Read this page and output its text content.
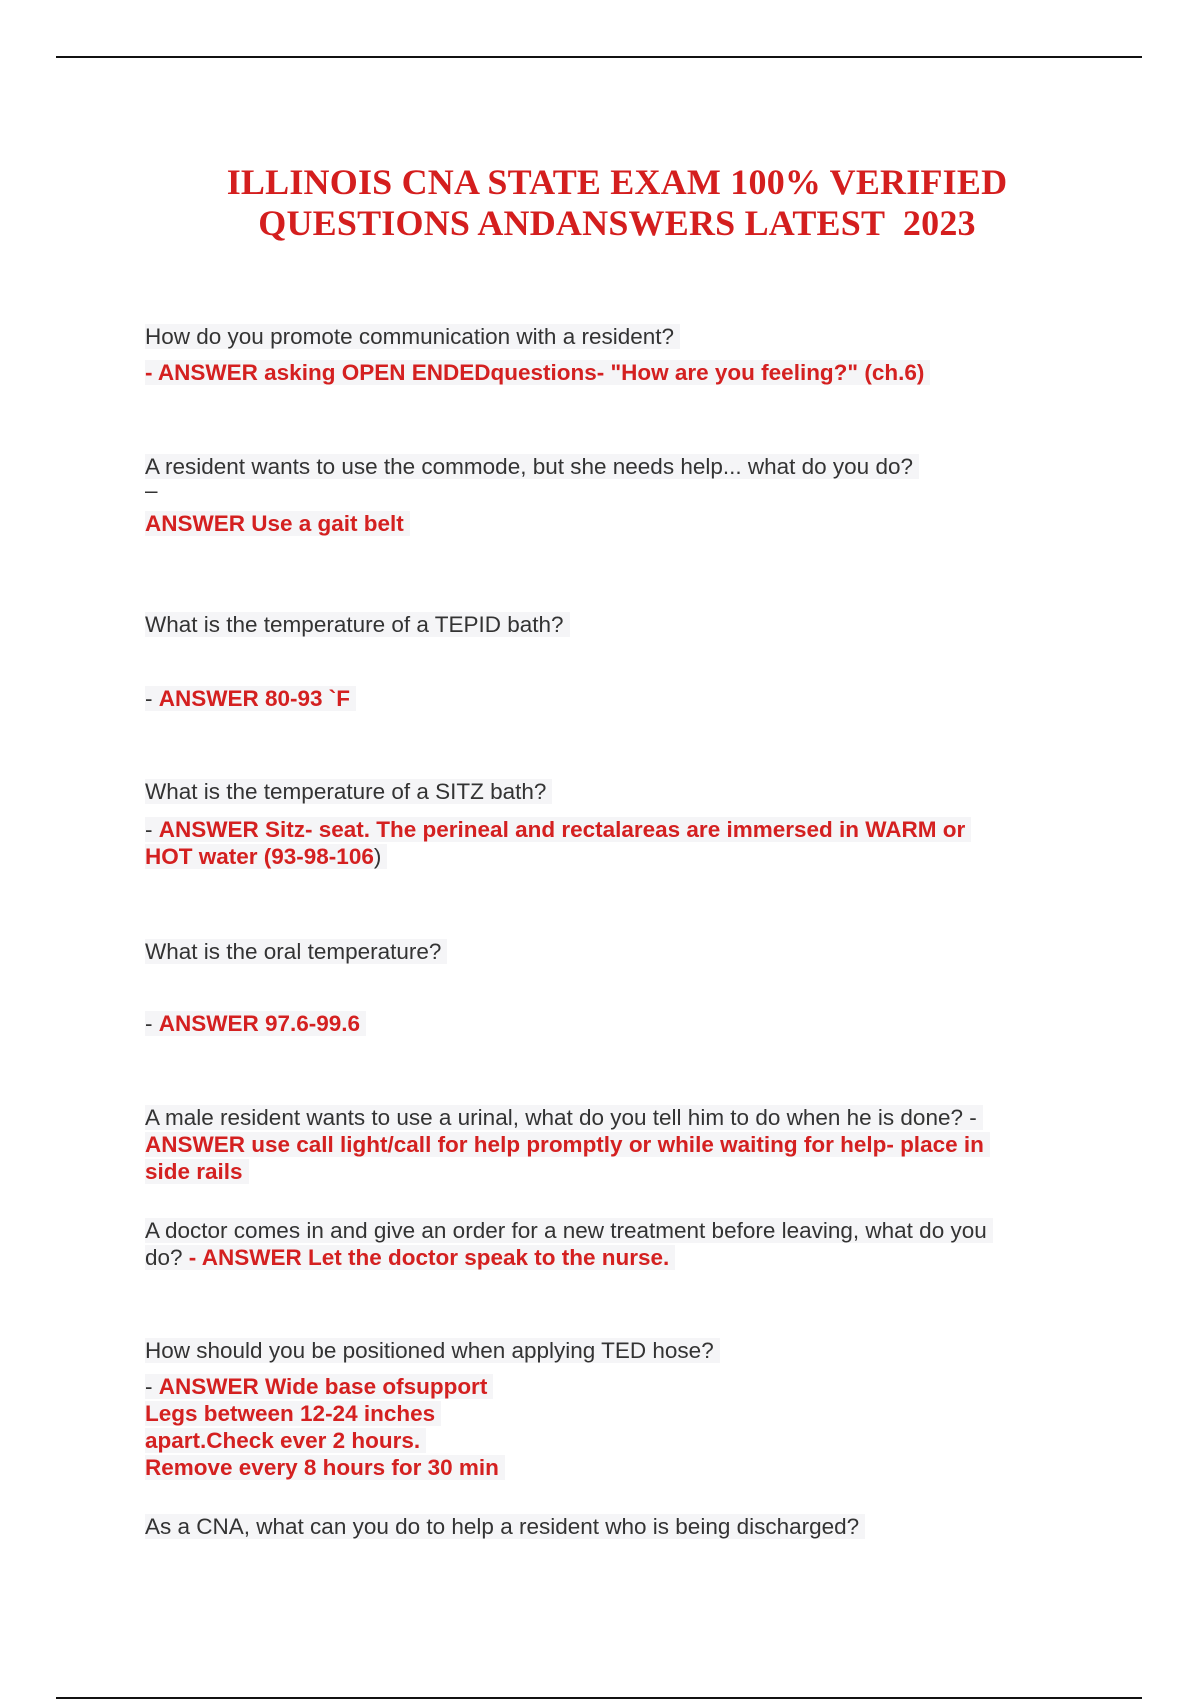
ILLINOIS CNA STATE EXAM 100% VERIFIED
QUESTIONS ANDANSWERS LATEST  2023
How do you promote communication with a resident?
- ANSWER asking OPEN ENDEDquestions- "How are you feeling?" (ch.6)
A resident wants to use the commode, but she needs help... what do you do?
–
ANSWER Use a gait belt
What is the temperature of a TEPID bath?
- ANSWER 80-93 `F
What is the temperature of a SITZ bath?
- ANSWER Sitz- seat. The perineal and rectalareas are immersed in WARM or
HOT water (93-98-106)
What is the oral temperature?
- ANSWER 97.6-99.6
A male resident wants to use a urinal, what do you tell him to do when he is done? -
ANSWER use call light/call for help promptly or while waiting for help- place in
side rails
A doctor comes in and give an order for a new treatment before leaving, what do you
do? - ANSWER Let the doctor speak to the nurse.
How should you be positioned when applying TED hose?
- ANSWER Wide base ofsupport
Legs between 12-24 inches
apart.Check ever 2 hours.
Remove every 8 hours for 30 min
As a CNA, what can you do to help a resident who is being discharged?
